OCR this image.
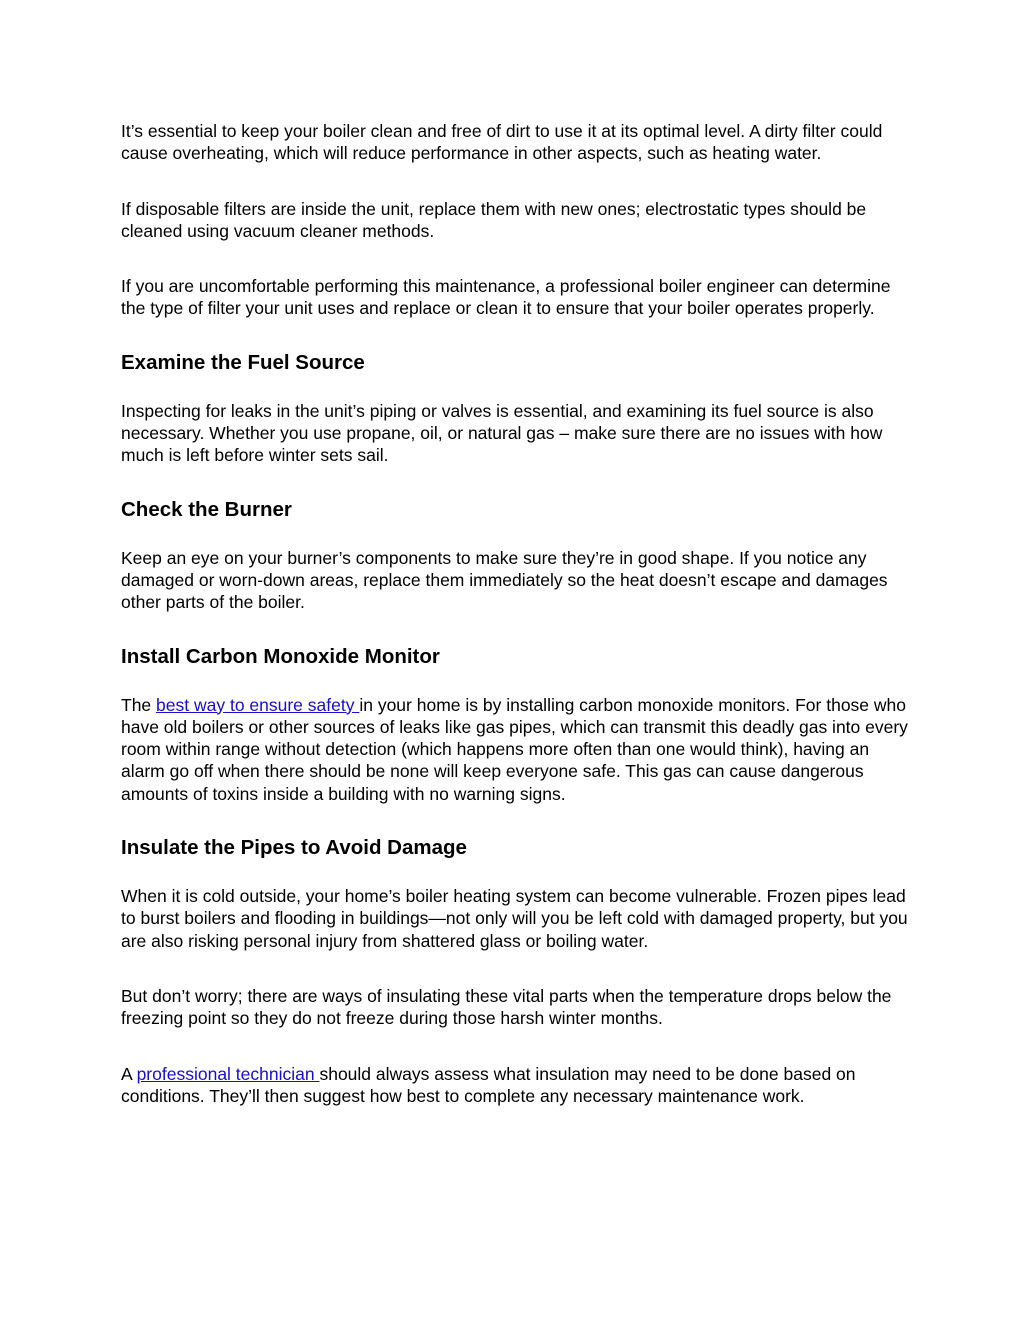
It’s essential to keep your boiler clean and free of dirt to use it at its optimal level. A dirty filter could cause overheating, which will reduce performance in other aspects, such as heating water.

If disposable filters are inside the unit, replace them with new ones; electrostatic types should be cleaned using vacuum cleaner methods.

If you are uncomfortable performing this maintenance, a professional boiler engineer can determine the type of filter your unit uses and replace or clean it to ensure that your boiler operates properly.

Examine the Fuel Source

Inspecting for leaks in the unit’s piping or valves is essential, and examining its fuel source is also necessary. Whether you use propane, oil, or natural gas – make sure there are no issues with how much is left before winter sets sail.

Check the Burner

Keep an eye on your burner’s components to make sure they’re in good shape. If you notice any damaged or worn-down areas, replace them immediately so the heat doesn’t escape and damages other parts of the boiler.

Install Carbon Monoxide Monitor

The best way to ensure safety in your home is by installing carbon monoxide monitors. For those who have old boilers or other sources of leaks like gas pipes, which can transmit this deadly gas into every room within range without detection (which happens more often than one would think), having an alarm go off when there should be none will keep everyone safe. This gas can cause dangerous amounts of toxins inside a building with no warning signs.

Insulate the Pipes to Avoid Damage

When it is cold outside, your home’s boiler heating system can become vulnerable. Frozen pipes lead to burst boilers and flooding in buildings—not only will you be left cold with damaged property, but you are also risking personal injury from shattered glass or boiling water.

But don’t worry; there are ways of insulating these vital parts when the temperature drops below the freezing point so they do not freeze during those harsh winter months.

A professional technician should always assess what insulation may need to be done based on conditions. They’ll then suggest how best to complete any necessary maintenance work.
